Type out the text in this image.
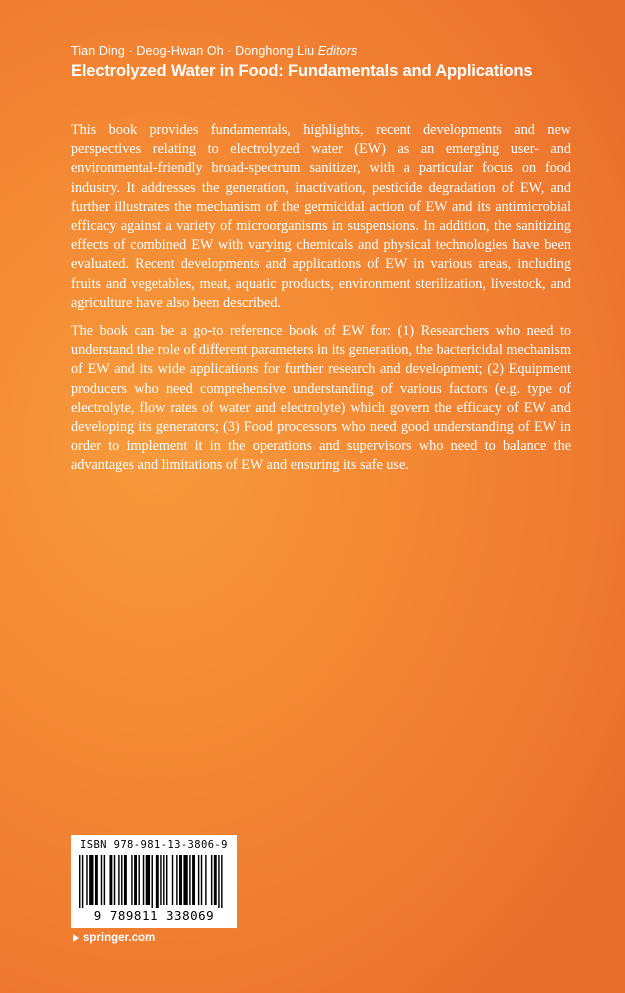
Tian Ding · Deog-Hwan Oh · Donghong Liu Editors
Electrolyzed Water in Food: Fundamentals and Applications

This book provides fundamentals, highlights, recent developments and new perspectives relating to electrolyzed water (EW) as an emerging user- and environmental-friendly broad-spectrum sanitizer, with a particular focus on food industry. It addresses the generation, inactivation, pesticide degradation of EW, and further illustrates the mechanism of the germicidal action of EW and its antimicrobial efficacy against a variety of microorganisms in suspensions. In addition, the sanitizing effects of combined EW with varying chemicals and physical technologies have been evaluated. Recent developments and applications of EW in various areas, including fruits and vegetables, meat, aquatic products, environment sterilization, livestock, and agriculture have also been described.

The book can be a go-to reference book of EW for: (1) Researchers who need to understand the role of different parameters in its generation, the bactericidal mechanism of EW and its wide applications for further research and development; (2) Equipment producers who need comprehensive understanding of various factors (e.g. type of electrolyte, flow rates of water and electrolyte) which govern the efficacy of EW and developing its generators; (3) Food processors who need good understanding of EW in order to implement it in the operations and supervisors who need to balance the advantages and limitations of EW and ensuring its safe use.

ISBN 978-981-13-3806-9
9 789811 338069
springer.com
